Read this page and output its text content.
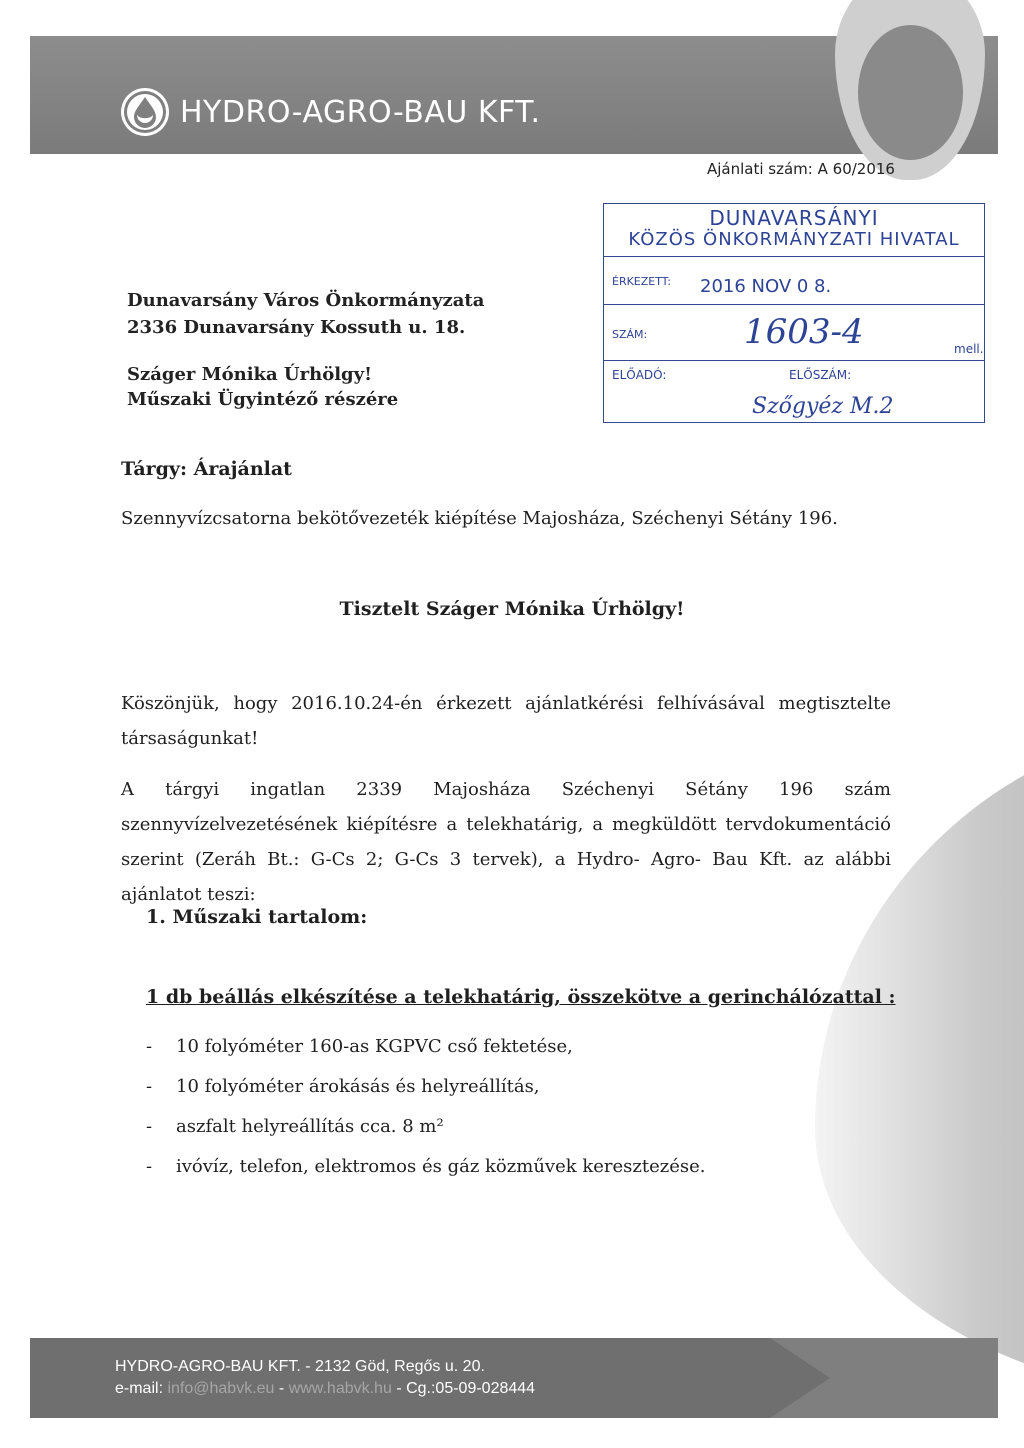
HYDRO-AGRO-BAU KFT.
Ajánlati szám: A 60/2016
DUNAVARSÁNYI
KÖZÖS ÖNKORMÁNYZATI HIVATAL
ÉRKEZETT: 2016 NOV 0 8.
SZÁM:	1603-4	mell.
ELŐADÓ:	ELŐSZÁM:
Szőgyéz M.2
Dunavarsány Város Önkormányzata
2336 Dunavarsány Kossuth u. 18.
Száger Mónika Úrhölgy!
Műszaki Ügyintéző részére
Tárgy: Árajánlat
Szennyvízcsatorna bekötővezeték kiépítése Majosháza, Széchenyi Sétány 196.
Tisztelt Száger Mónika Úrhölgy!
Köszönjük, hogy 2016.10.24-én érkezett ajánlatkérési felhívásával megtisztelte társaságunkat!
A tárgyi ingatlan 2339 Majosháza Széchenyi Sétány 196 szám szennyvízelvezetésének kiépítésre a telekhatárig, a megküldött tervdokumentáció szerint (Zeráh Bt.: G-Cs 2; G-Cs 3 tervek), a Hydro- Agro- Bau Kft. az alábbi ajánlatot teszi:
1. Műszaki tartalom:
1 db beállás elkészítése a telekhatárig, összekötve a gerinchálózattal :
- 10 folyóméter 160-as KGPVC cső fektetése,
- 10 folyóméter árokásás és helyreállítás,
- aszfalt helyreállítás cca. 8 m²
- ivóvíz, telefon, elektromos és gáz közművek keresztezése.
HYDRO-AGRO-BAU KFT. - 2132 Göd, Regős u. 20.
e-mail: info@habvk.eu - www.habvk.hu - Cg.:05-09-028444
